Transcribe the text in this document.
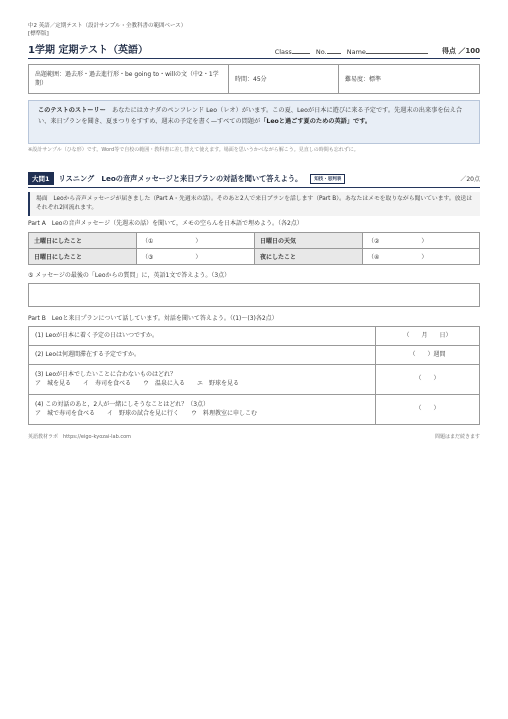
中2 英語／定期テスト（設計サンプル・全教科書の範囲ベース）
[標準版]
1学期 定期テスト（英語）	Class	No.	Name	得点 ／100
出題範囲：過去形・過去進行形・be going to・willの文（中2・1学期）
時間：45分	難易度：標準
このテストのストーリー　 あなたにはカナダのペンフレンド Leo（レオ）がいます。この夏、Leoが日本に遊びに来る予定です。先週末の出来事を伝え合い、来日プランを聞き、夏まつりをすすめ、週末の予定を書く—すべての問題が「Leoと過ごす夏のための英語」です。
※設計サンプル（ひな形）です。Word等で自校の範囲・教科書に差し替えて使えます。場面を思いうかべながら解こう。見直しの時間も忘れずに。
大問1	リスニング　Leoの音声メッセージと来日プランの対話を聞いて答えよう。	知技・思判表	／20点
場面　Leoから音声メッセージが届きました（Part A・先週末の話）。そのあと2人で来日プランを話します（Part B）。あなたはメモを取りながら聞いています。放送はそれぞれ2回流れます。
Part A　Leoの音声メッセージ（先週末の話）を聞いて，メモの空らんを日本語で埋めよう。（各2点）
土曜日にしたこと	（①　　　　　　　）	日曜日の天気	（②　　　　　　　）
日曜日にしたこと	（③　　　　　　　）	夜にしたこと	（④　　　　　　　）
⑤ メッセージの最後の「Leoからの質問」に，英語1文で答えよう。（3点）
Part B　Leoと来日プランについて話しています。対話を聞いて答えよう。（(1)～(3)各2点）
(1) Leoが日本に着く予定の日はいつですか。	（　　月　　日）

(2) Leoは何週間滞在する予定ですか。	（　　）週間

(3) Leoが日本でしたいことに合わないものはどれ？
ア　城を見る　　イ　寿司を食べる　　ウ　温泉に入る　　エ　野球を見る	（　　）

(4) この対話のあと，2人が一緒にしそうなことはどれ？（3点）
ア　城で寿司を食べる　　イ　野球の試合を見に行く　　ウ　料理教室に申しこむ	（　　）
英語教材ラボ　https://eigo-kyozai-lab.com	問題はまだ続きます
